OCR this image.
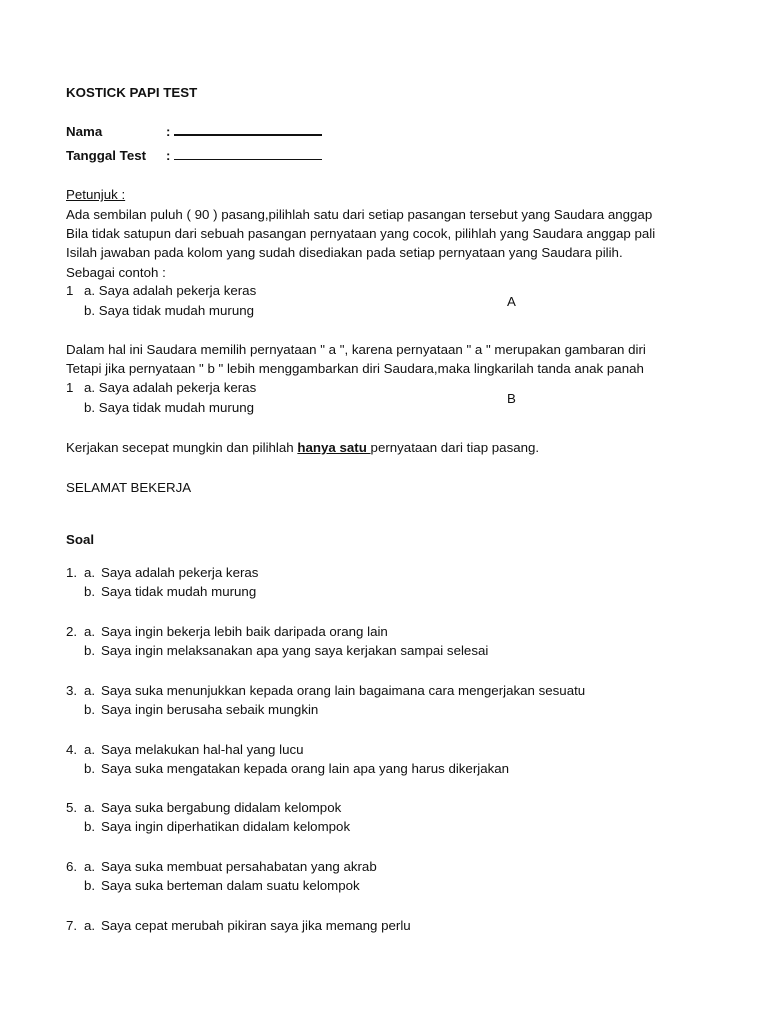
KOSTICK PAPI TEST
Nama	:
Tanggal Test :
Petunjuk :
Ada sembilan puluh ( 90 ) pasang,pilihlah satu dari setiap pasangan tersebut yang Saudara anggap
Bila tidak satupun dari sebuah pasangan pernyataan yang cocok, pilihlah yang Saudara anggap pali
Isilah jawaban pada kolom yang sudah disediakan pada setiap pernyataan yang Saudara pilih.
Sebagai contoh :
1 a. Saya adalah pekerja keras
b. Saya tidak mudah murung
A
Dalam hal ini Saudara memilih pernyataan " a ", karena pernyataan " a " merupakan gambaran diri
Tetapi jika pernyataan " b " lebih menggambarkan diri Saudara,maka lingkarilah tanda anak panah
1 a. Saya adalah pekerja keras
b. Saya tidak mudah murung
B
Kerjakan secepat mungkin dan pilihlah hanya satu pernyataan dari tiap pasang.
SELAMAT BEKERJA
Soal
1. a. Saya adalah pekerja keras
b. Saya tidak mudah murung
2. a. Saya ingin bekerja lebih baik daripada orang lain
b. Saya ingin melaksanakan apa yang saya kerjakan sampai selesai
3. a. Saya suka menunjukkan kepada orang lain bagaimana cara mengerjakan sesuatu
b. Saya ingin berusaha sebaik mungkin
4. a. Saya melakukan hal-hal yang lucu
b. Saya suka mengatakan kepada orang lain apa yang harus dikerjakan
5. a. Saya suka bergabung didalam kelompok
b. Saya ingin diperhatikan didalam kelompok
6. a. Saya suka membuat persahabatan yang akrab
b. Saya suka berteman dalam suatu kelompok
7. a. Saya cepat merubah pikiran saya jika memang perlu
